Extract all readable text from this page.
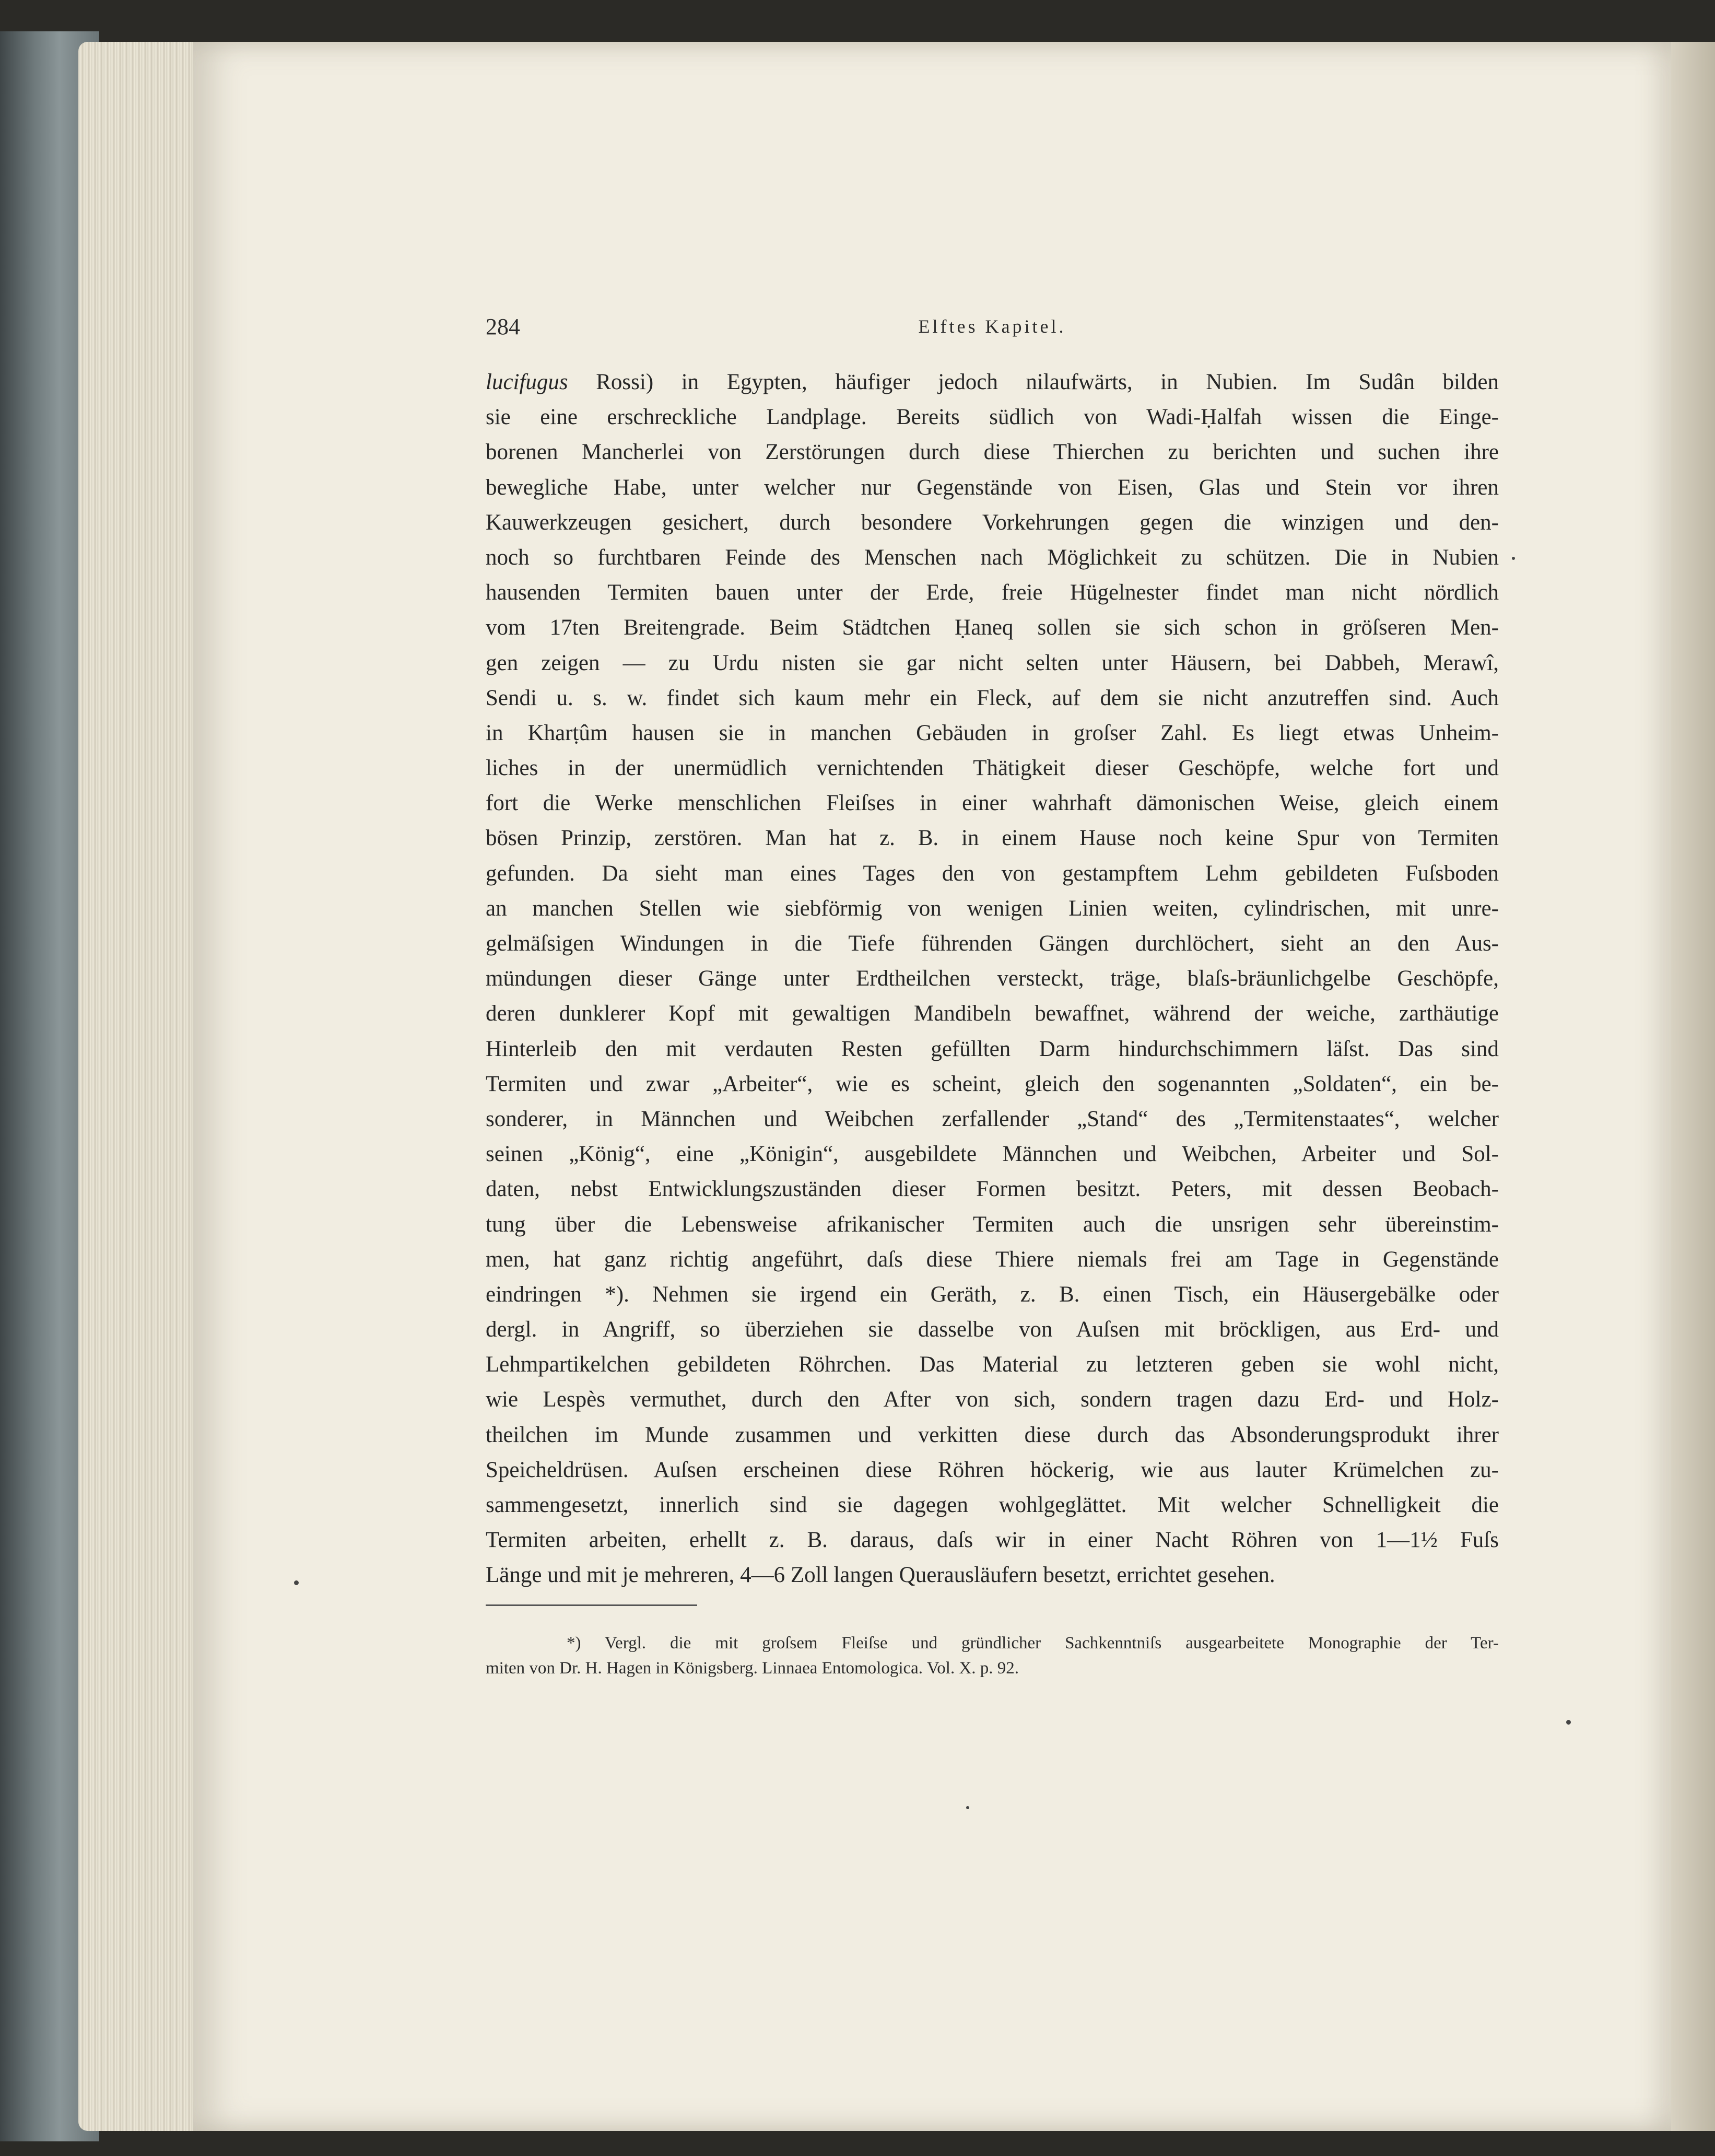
284	Elftes Kapitel.
lucifugus Rossi) in Egypten, häufiger jedoch nilaufwärts, in Nubien. Im Sudân bilden
sie eine erschreckliche Landplage. Bereits südlich von Wadi-Ḥalfah wissen die Einge-
borenen Mancherlei von Zerstörungen durch diese Thierchen zu berichten und suchen ihre
bewegliche Habe, unter welcher nur Gegenstände von Eisen, Glas und Stein vor ihren
Kauwerkzeugen gesichert, durch besondere Vorkehrungen gegen die winzigen und den-
noch so furchtbaren Feinde des Menschen nach Möglichkeit zu schützen. Die in Nubien
hausenden Termiten bauen unter der Erde, freie Hügelnester findet man nicht nördlich
vom 17ten Breitengrade. Beim Städtchen Ḥaneq sollen sie sich schon in gröſseren Men-
gen zeigen — zu Urdu nisten sie gar nicht selten unter Häusern, bei Dabbeh, Merawî,
Sendi u. s. w. findet sich kaum mehr ein Fleck, auf dem sie nicht anzutreffen sind. Auch
in Kharṭûm hausen sie in manchen Gebäuden in groſser Zahl. Es liegt etwas Unheim-
liches in der unermüdlich vernichtenden Thätigkeit dieser Geschöpfe, welche fort und
fort die Werke menschlichen Fleiſses in einer wahrhaft dämonischen Weise, gleich einem
bösen Prinzip, zerstören. Man hat z. B. in einem Hause noch keine Spur von Termiten
gefunden. Da sieht man eines Tages den von gestampftem Lehm gebildeten Fuſsboden
an manchen Stellen wie siebförmig von wenigen Linien weiten, cylindrischen, mit unre-
gelmäſsigen Windungen in die Tiefe führenden Gängen durchlöchert, sieht an den Aus-
mündungen dieser Gänge unter Erdtheilchen versteckt, träge, blaſs-bräunlichgelbe Geschöpfe,
deren dunklerer Kopf mit gewaltigen Mandibeln bewaffnet, während der weiche, zarthäutige
Hinterleib den mit verdauten Resten gefüllten Darm hindurchschimmern läſst. Das sind
Termiten und zwar „Arbeiter“, wie es scheint, gleich den sogenannten „Soldaten“, ein be-
sonderer, in Männchen und Weibchen zerfallender „Stand“ des „Termitenstaates“, welcher
seinen „König“, eine „Königin“, ausgebildete Männchen und Weibchen, Arbeiter und Sol-
daten, nebst Entwicklungszuständen dieser Formen besitzt. Peters, mit dessen Beobach-
tung über die Lebensweise afrikanischer Termiten auch die unsrigen sehr übereinstim-
men, hat ganz richtig angeführt, daſs diese Thiere niemals frei am Tage in Gegenstände
eindringen *). Nehmen sie irgend ein Geräth, z. B. einen Tisch, ein Häusergebälke oder
dergl. in Angriff, so überziehen sie dasselbe von Auſsen mit bröckligen, aus Erd- und
Lehmpartikelchen gebildeten Röhrchen. Das Material zu letzteren geben sie wohl nicht,
wie Lespès vermuthet, durch den After von sich, sondern tragen dazu Erd- und Holz-
theilchen im Munde zusammen und verkitten diese durch das Absonderungsprodukt ihrer
Speicheldrüsen. Auſsen erscheinen diese Röhren höckerig, wie aus lauter Krümelchen zu-
sammengesetzt, innerlich sind sie dagegen wohlgeglättet. Mit welcher Schnelligkeit die
Termiten arbeiten, erhellt z. B. daraus, daſs wir in einer Nacht Röhren von 1—1½ Fuſs
Länge und mit je mehreren, 4—6 Zoll langen Querausläufern besetzt, errichtet gesehen.
*) Vergl. die mit groſsem Fleiſse und gründlicher Sachkenntniſs ausgearbeitete Monographie der Ter-
miten von Dr. H. Hagen in Königsberg. Linnaea Entomologica. Vol. X. p. 92.
